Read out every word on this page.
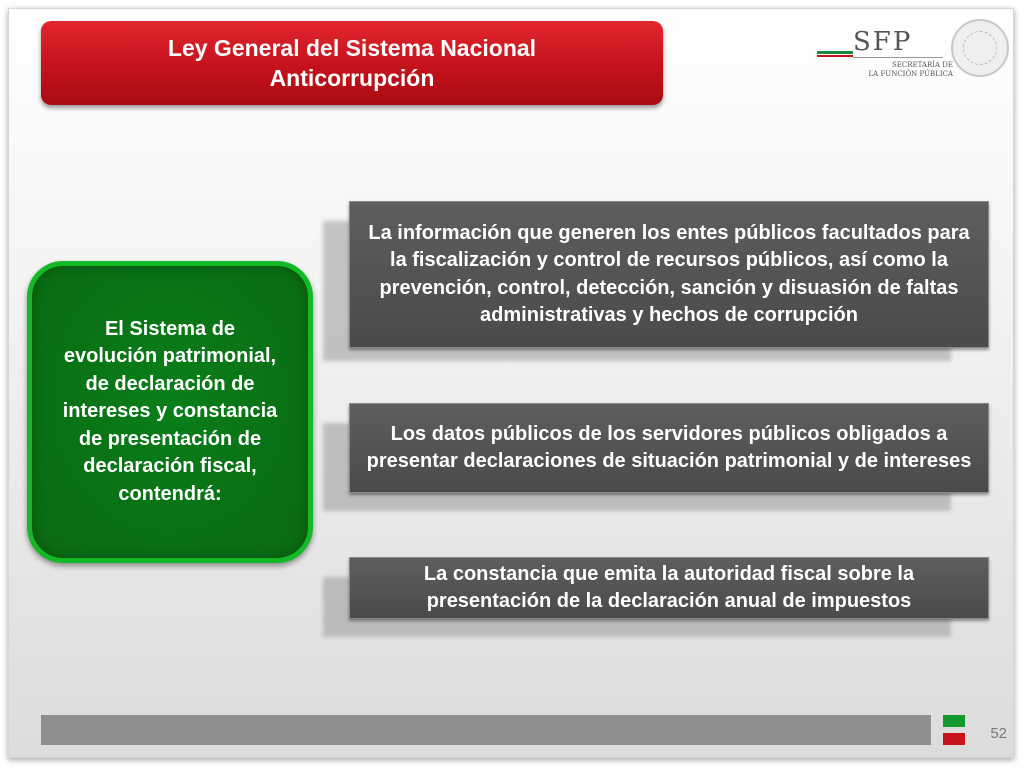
Ley General del Sistema Nacional
Anticorrupción
SFP
SECRETARÍA DE
LA FUNCIÓN PÚBLICA
El Sistema de evolución patrimonial, de declaración de intereses y constancia de presentación de declaración fiscal, contendrá:
La información que generen los entes públicos facultados para la fiscalización y control de recursos públicos, así como la prevención, control, detección, sanción y disuasión de faltas administrativas y hechos de corrupción
Los datos públicos de los servidores públicos obligados a presentar declaraciones de situación patrimonial y de intereses
La constancia que emita la autoridad fiscal sobre la presentación de la declaración anual de impuestos
52
